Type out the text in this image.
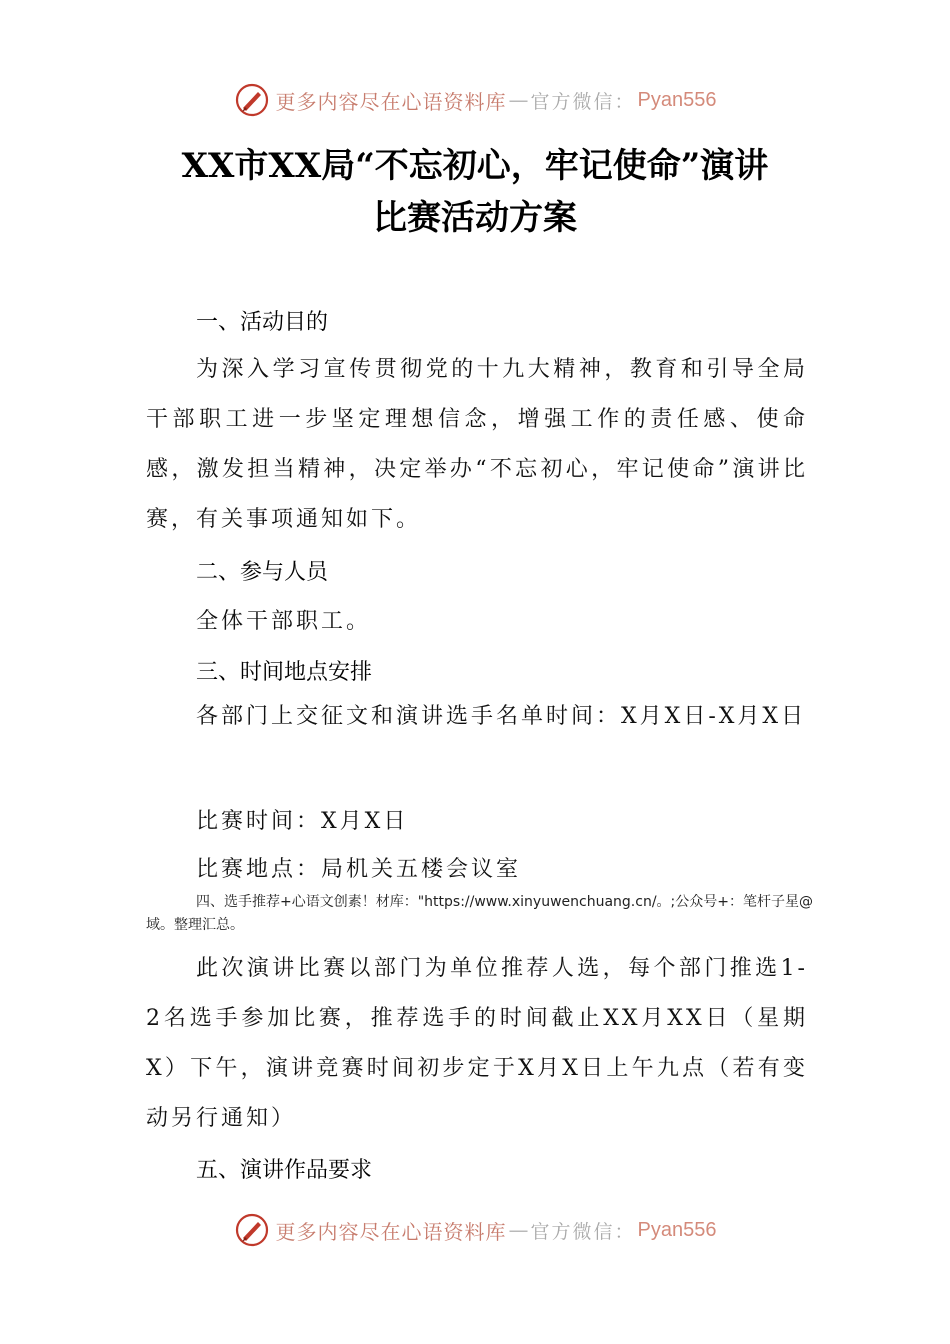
更多内容尽在心语资料库 — 官方微信： Pyan556
XX市XX局“不忘初心，牢记使命”演讲
比赛活动方案
一、活动目的
为深入学习宣传贯彻党的十九大精神，教育和引导全局干部职工进一步坚定理想信念，增强工作的责任感、使命感，激发担当精神，决定举办“不忘初心，牢记使命”演讲比赛，有关事项通知如下。
二、参与人员
全体干部职工。
三、时间地点安排
各部门上交征文和演讲选手名单时间：X月X日-X月X日
比赛时间：X月X日
比赛地点：局机关五楼会议室
四、选手推荐+心语文创素！材库："https://www.xinyuwenchuang.cn/。;公众号+：笔杆子星@域。整理汇总。
此次演讲比赛以部门为单位推荐人选，每个部门推选1-2名选手参加比赛，推荐选手的时间截止XX月XX日（星期X）下午，演讲竞赛时间初步定于X月X日上午九点（若有变动另行通知）
五、演讲作品要求
更多内容尽在心语资料库 — 官方微信： Pyan556
